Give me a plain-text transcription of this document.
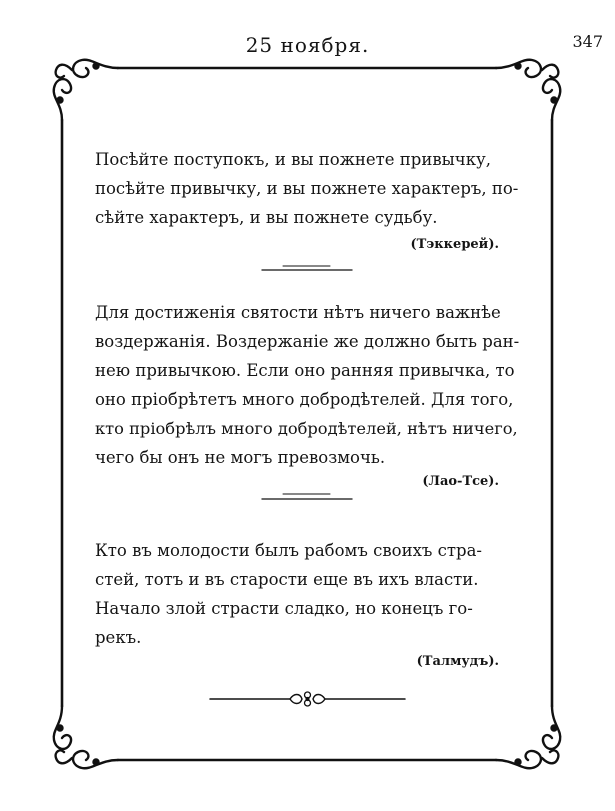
25 ноября.	347
Посѣйте поступокъ, и вы пожнете привычку,
посѣйте привычку, и вы пожнете характеръ, по-
сѣйте характеръ, и вы пожнете судьбу.
(Тэккерей).
Для достиженія святости нѣтъ ничего важнѣе
воздержанія. Воздержаніе же должно быть ран-
нею привычкою. Если оно ранняя привычка, то
оно пріобрѣтетъ много добродѣтелей. Для того,
кто пріобрѣлъ много добродѣтелей, нѣтъ ничего,
чего бы онъ не могъ превозмочь.
(Лао-Тсе).
Кто въ молодости былъ рабомъ своихъ стра-
стей, тотъ и въ старости еще въ ихъ власти.
Начало злой страсти сладко, но конецъ го-
рекъ.
(Талмудъ).
